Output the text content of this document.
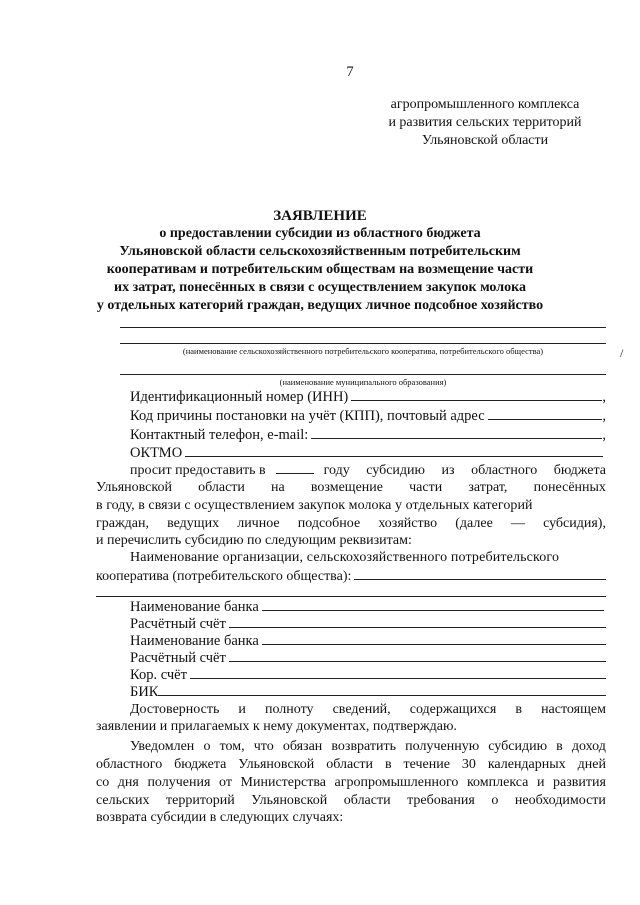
7
агропромышленного комплекса
и развития сельских территорий
Ульяновской области
ЗАЯВЛЕНИЕ
о предоставлении субсидии из областного бюджета
Ульяновской области сельскохозяйственным потребительским
кооперативам и потребительским обществам на возмещение части
их затрат, понесённых в связи с осуществлением закупок молока
у отдельных категорий граждан, ведущих личное подсобное хозяйство
(наименование сельскохозяйственного потребительского кооператива, потребительского общества)	/
(наименование муниципального образования)
Идентификационный номер (ИНН)	,
Код причины постановки на учёт (КПП), почтовый адрес	,
Контактный телефон, e-mail:	,
ОКТМО
просит предоставить в	году субсидию из областного бюджета
Ульяновской области на возмещение части затрат, понесённых
в году, в связи с осуществлением закупок молока у отдельных категорий
граждан, ведущих личное подсобное хозяйство (далее — субсидия),
и перечислить субсидию по следующим реквизитам:
Наименование организации, сельскохозяйственного потребительского
кооператива (потребительского общества):
Наименование банка
Расчётный счёт
Наименование банка
Расчётный счёт
Кор. счёт
БИК
Достоверность и полноту сведений, содержащихся в настоящем
заявлении и прилагаемых к нему документах, подтверждаю.
Уведомлен о том, что обязан возвратить полученную субсидию в доход
областного бюджета Ульяновской области в течение 30 календарных дней
со дня получения от Министерства агропромышленного комплекса и развития
сельских территорий Ульяновской области требования о необходимости
возврата субсидии в следующих случаях:
